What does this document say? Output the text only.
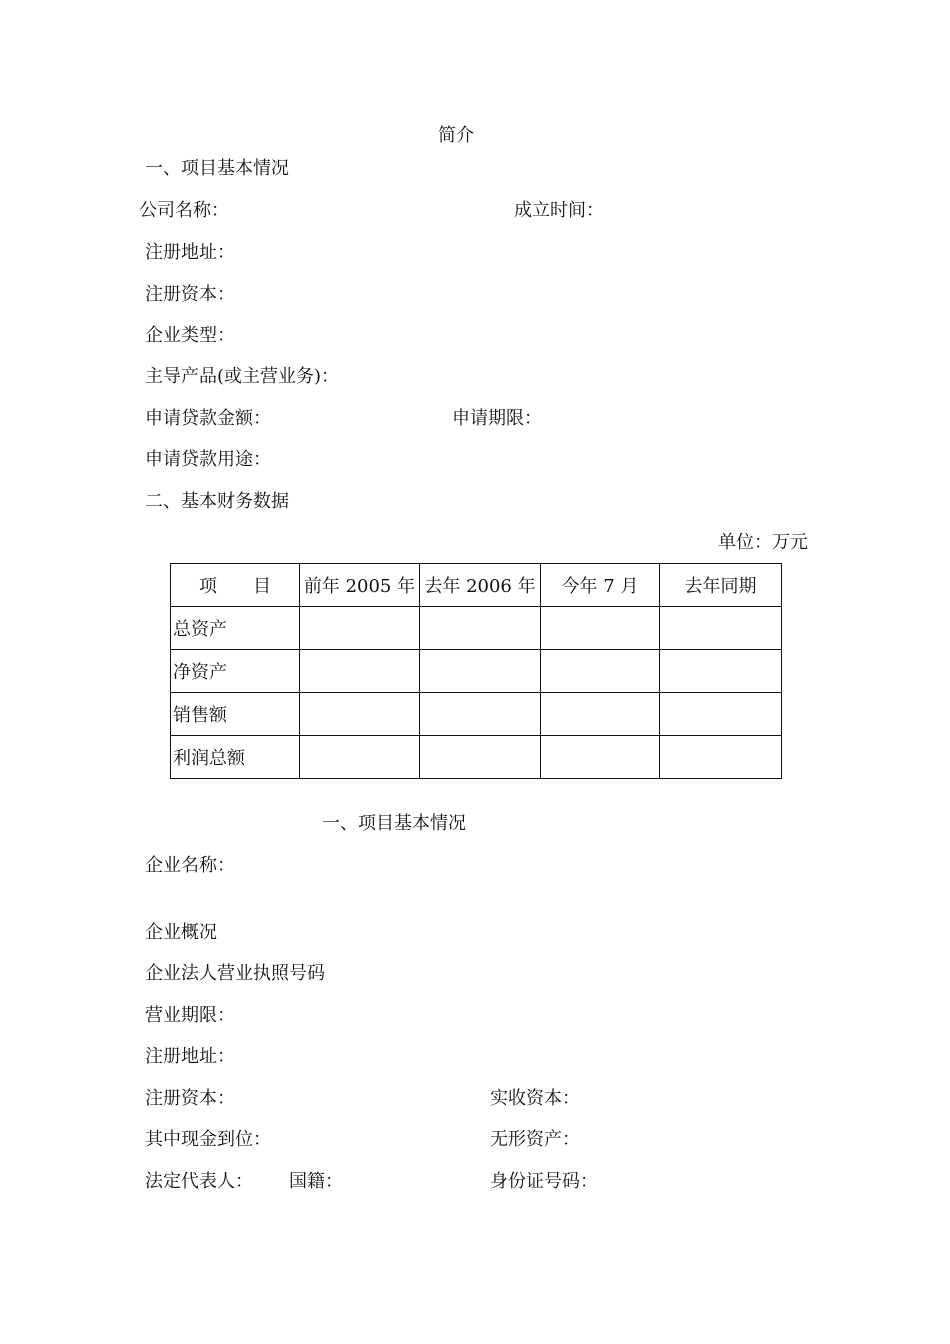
简介
一、项目基本情况
公司名称：	成立时间：
注册地址：
注册资本：
企业类型：
主导产品(或主营业务)：
申请贷款金额：	申请期限：
申请贷款用途：
二、基本财务数据
单位：万元
项 目	前年 2005 年	去年 2006 年	今年 7 月	去年同期
总资产				
净资产				
销售额				
利润总额				
一、项目基本情况
企业名称：
企业概况
企业法人营业执照号码
营业期限：
注册地址：
注册资本：	实收资本：
其中现金到位：	无形资产：
法定代表人： 国籍：	身份证号码：
